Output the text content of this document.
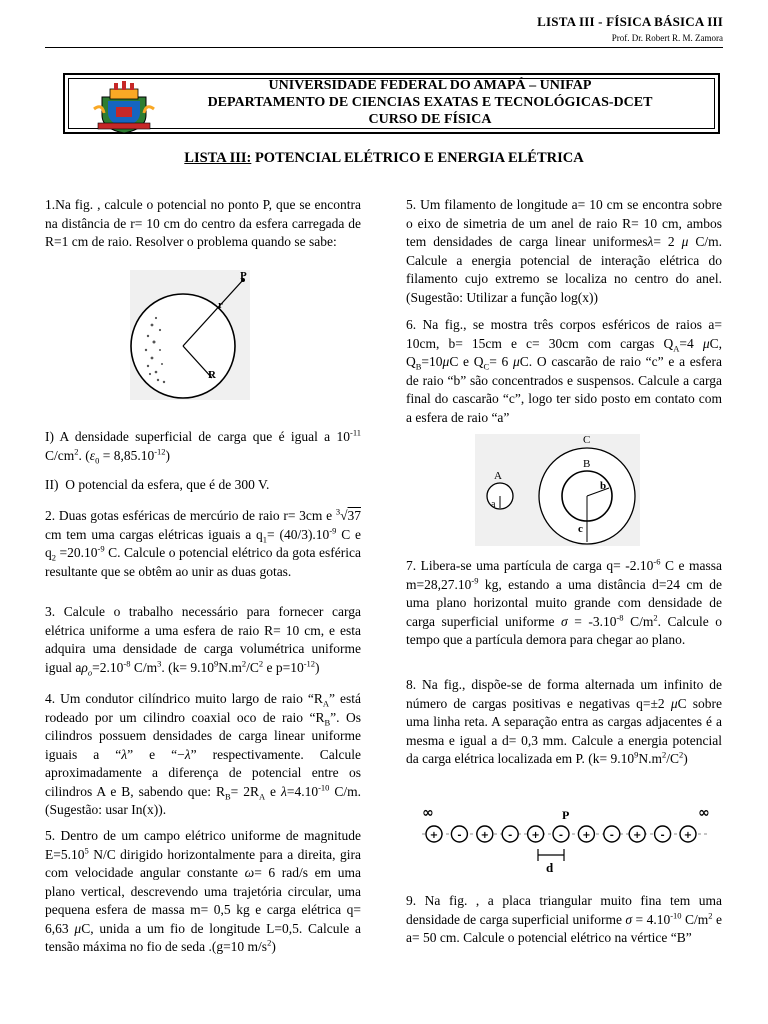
LISTA III - FÍSICA BÁSICA III
Prof. Dr. Robert R. M. Zamora
UNIVERSIDADE FEDERAL DO AMAPÁ – UNIFAP
DEPARTAMENTO DE CIENCIAS EXATAS E TECNOLÓGICAS-DCET
CURSO DE FÍSICA
LISTA III: POTENCIAL ELÉTRICO E ENERGIA ELÉTRICA
1.Na fig. , calcule o potencial no ponto P, que se encontra na distância de r= 10 cm do centro da esfera carregada de R=1 cm de raio. Resolver o problema quando se sabe:
P
r
R
I) A densidade superficial de carga que é igual a $10^{-11}$ $C/cm^2$. $(\varepsilon_0 = 8,85.10^{-12})$
II)  O potencial da esfera, que é de 300 V.
2. Duas gotas esféricas de mercúrio de raio r= 3cm e $^3$√37 cm tem uma cargas elétricas iguais a $q_1= (40/3).10^{-9}$ C e $q_2 =20.10^{-9}$ C. Calcule o potencial elétrico da gota esférica resultante que se obtêm ao unir as duas gotas.
3. Calcule o trabalho necessário para fornecer carga elétrica uniforme a uma esfera de raio R= 10 cm, e esta adquira uma densidade de carga volumétrica uniforme igual $a\rho_o=2.10^{-8}$ $C/m^3$. ($k= 9.10^9N.m^2/C^2$ e $p=10^{-12}$)
4. Um condutor cilíndrico muito largo de raio “$R_A$” está rodeado por um cilindro coaxial oco de raio “$R_B$”. Os cilindros possuem densidades de carga linear uniforme iguais a “λ” e “−λ” respectivamente. Calcule aproximadamente a diferença de potencial entre os cilindros A e B, sabendo que: $R_B= 2R_A$ e $\lambda=4.10^{-10}$ C/m. (Sugestão: usar In(x)).
5. Dentro de um campo elétrico uniforme de magnitude $E=5.10^5$ N/C dirigido horizontalmente para a direita, gira com velocidade angular constante ω= 6 rad/s em uma plano vertical, descrevendo uma trajetória circular, uma pequena esfera de massa m= 0,5 kg e carga elétrica q= 6,63 μC, unida a um fio de longitude L=0,5. Calcule a tensão máxima no fio de seda .(g=10 $m/s^2$)
5. Um filamento de longitude a= 10 cm se encontra sobre o eixo de simetria de um anel de raio R= 10 cm, ambos tem densidades de carga linear uniformesλ= 2 μ C/m. Calcule a energia potencial de interação elétrica do filamento cujo extremo se localiza no centro do anel. (Sugestão: Utilizar a função log(x))
6. Na fig., se mostra três corpos esféricos de raios a= 10cm, b= 15cm e c= 30cm com cargas $Q_A=4$ μC, $Q_B=10\mu C$ e $Q_C= 6$ μC. O cascarão de raio “c” e a esfera de raio “b” são concentrados e suspensos. Calcule a carga final do cascarão “c”, logo ter sido posto em contato com a esfera de raio “a”
A
a
C
B
b
c
7. Libera-se uma partícula de carga $q= -2.10^{-6}$ C e massa $m=28,27.10^{-9}$ kg, estando a uma distância d=24 cm de uma plano horizontal muito grande com densidade de carga superficial uniforme $\sigma = -3.10^{-8}$ $C/m^2$. Calcule o tempo que a partícula demora para chegar ao plano.
8. Na fig., dispõe-se de forma alternada um infinito de número de cargas positivas e negativas q=±2 μC sobre uma linha reta. A separação entra as cargas adjacentes é a mesma e igual a d= 0,3 mm. Calcule a energia potencial da carga elétrica localizada em P. $(k= 9.10^9N.m^2/C^2)$
∞	∞
P
+ - + - + - + - + - +
d
9. Na fig. , a placa triangular muito fina tem uma densidade de carga superficial uniforme $\sigma = 4.10^{-10}$ $C/m^2$ e a= 50 cm. Calcule o potencial elétrico na vértice “B”
